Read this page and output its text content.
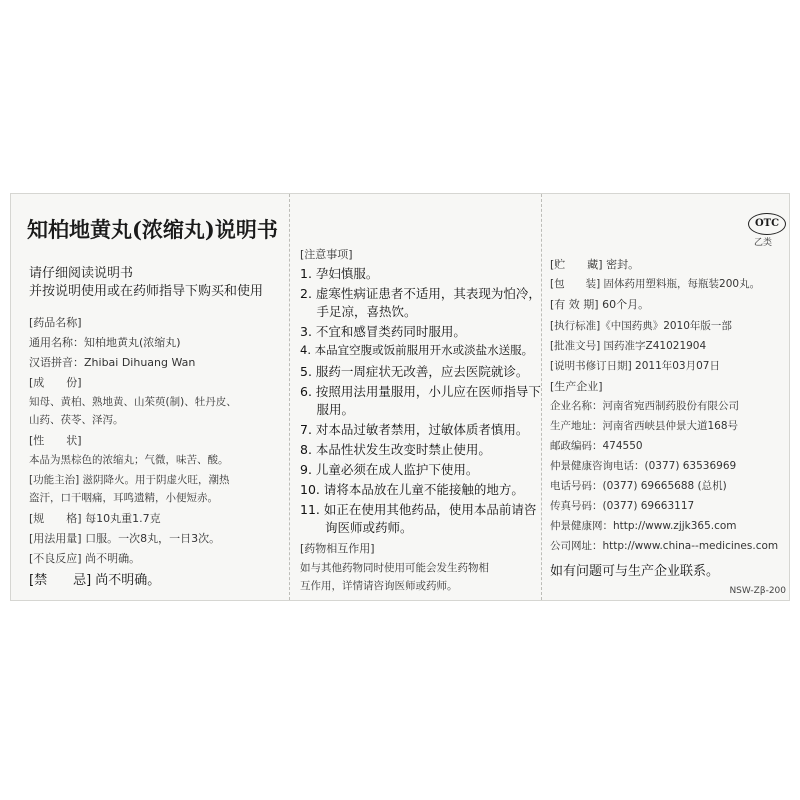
知柏地黄丸(浓缩丸)说明书
请仔细阅读说明书
并按说明使用或在药师指导下购买和使用
[药品名称]
通用名称：知柏地黄丸(浓缩丸)
汉语拼音：Zhibai Dihuang Wan
[成　　份]
知母、黄柏、熟地黄、山茱萸(制)、牡丹皮、
山药、茯苓、泽泻。
[性　　状]
本品为黑棕色的浓缩丸；气微，味苦、酸。
[功能主治] 滋阴降火。用于阴虚火旺，潮热
盗汗，口干咽痛，耳鸣遗精，小便短赤。
[规　　格] 每10丸重1.7克
[用法用量] 口服。一次8丸，一日3次。
[不良反应] 尚不明确。
[禁　　忌] 尚不明确。
[注意事项]
1. 孕妇慎服。
2. 虚寒性病证患者不适用，其表现为怕冷，
　 手足凉，喜热饮。
3. 不宜和感冒类药同时服用。
4. 本品宜空腹或饭前服用开水或淡盐水送服。
5. 服药一周症状无改善，应去医院就诊。
6. 按照用法用量服用，小儿应在医师指导下
　 服用。
7. 对本品过敏者禁用，过敏体质者慎用。
8. 本品性状发生改变时禁止使用。
9. 儿童必须在成人监护下使用。
10. 请将本品放在儿童不能接触的地方。
11. 如正在使用其他药品，使用本品前请咨
　　询医师或药师。
[药物相互作用]
如与其他药物同时使用可能会发生药物相
互作用，详情请咨询医师或药师。
[贮　　藏] 密封。
[包　　装] 固体药用塑料瓶，每瓶装200丸。
[有 效 期] 60个月。
[执行标准]《中国药典》2010年版一部
[批准文号] 国药准字Z41021904
[说明书修订日期] 2011年03月07日
[生产企业]
企业名称：河南省宛西制药股份有限公司
生产地址：河南省西峡县仲景大道168号
邮政编码：474550
仲景健康咨询电话：(0377) 63536969
电话号码：(0377) 69665688 (总机)
传真号码：(0377) 69663117
仲景健康网：http://www.zjjk365.com
公司网址：http://www.china--medicines.com
如有问题可与生产企业联系。
OTC
乙类
NSW-Zβ-200
